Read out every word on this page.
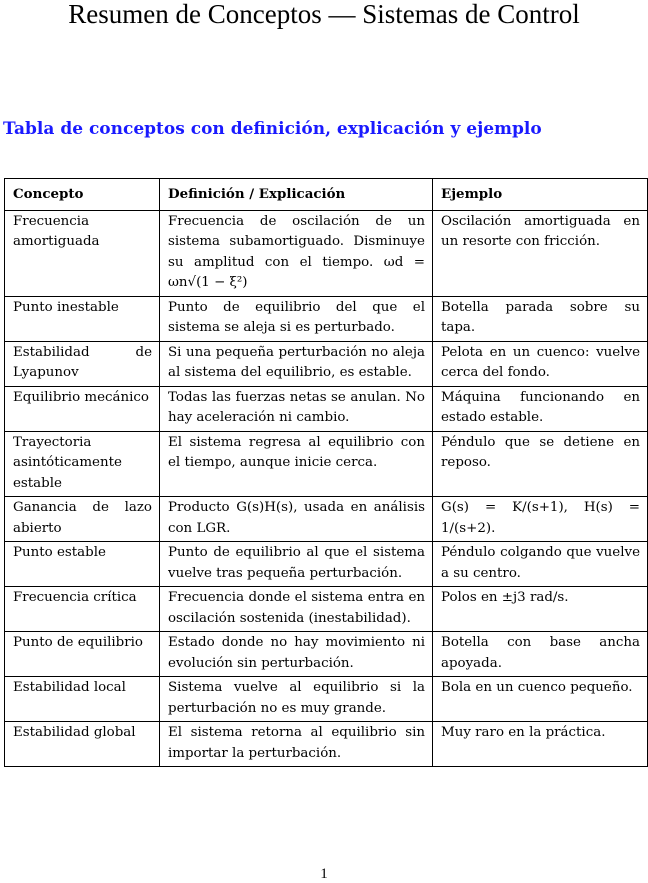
Resumen de Conceptos — Sistemas de Control
Tabla de conceptos con definición, explicación y ejemplo
Concepto	Definición / Explicación	Ejemplo
Frecuencia amortiguada	Frecuencia de oscilación de un sistema subamortiguado. Disminuye su amplitud con el tiempo. ωd = ωn√(1 − ξ²)	Oscilación amortiguada en un resorte con fricción.
Punto inestable	Punto de equilibrio del que el sistema se aleja si es perturbado.	Botella parada sobre su tapa.
Estabilidad de Lyapunov	Si una pequeña perturbación no aleja al sistema del equilibrio, es estable.	Pelota en un cuenco: vuelve cerca del fondo.
Equilibrio mecánico	Todas las fuerzas netas se anulan. No hay aceleración ni cambio.	Máquina funcionando en estado estable.
Trayectoria asintóticamente estable	El sistema regresa al equilibrio con el tiempo, aunque inicie cerca.	Péndulo que se detiene en reposo.
Ganancia de lazo abierto	Producto G(s)H(s), usada en análisis con LGR.	G(s) = K/(s+1), H(s) = 1/(s+2).
Punto estable	Punto de equilibrio al que el sistema vuelve tras pequeña perturbación.	Péndulo colgando que vuelve a su centro.
Frecuencia crítica	Frecuencia donde el sistema entra en oscilación sostenida (inestabilidad).	Polos en ±j3 rad/s.
Punto de equilibrio	Estado donde no hay movimiento ni evolución sin perturbación.	Botella con base ancha apoyada.
Estabilidad local	Sistema vuelve al equilibrio si la perturbación no es muy grande.	Bola en un cuenco pequeño.
Estabilidad global	El sistema retorna al equilibrio sin importar la perturbación.	Muy raro en la práctica.
1
